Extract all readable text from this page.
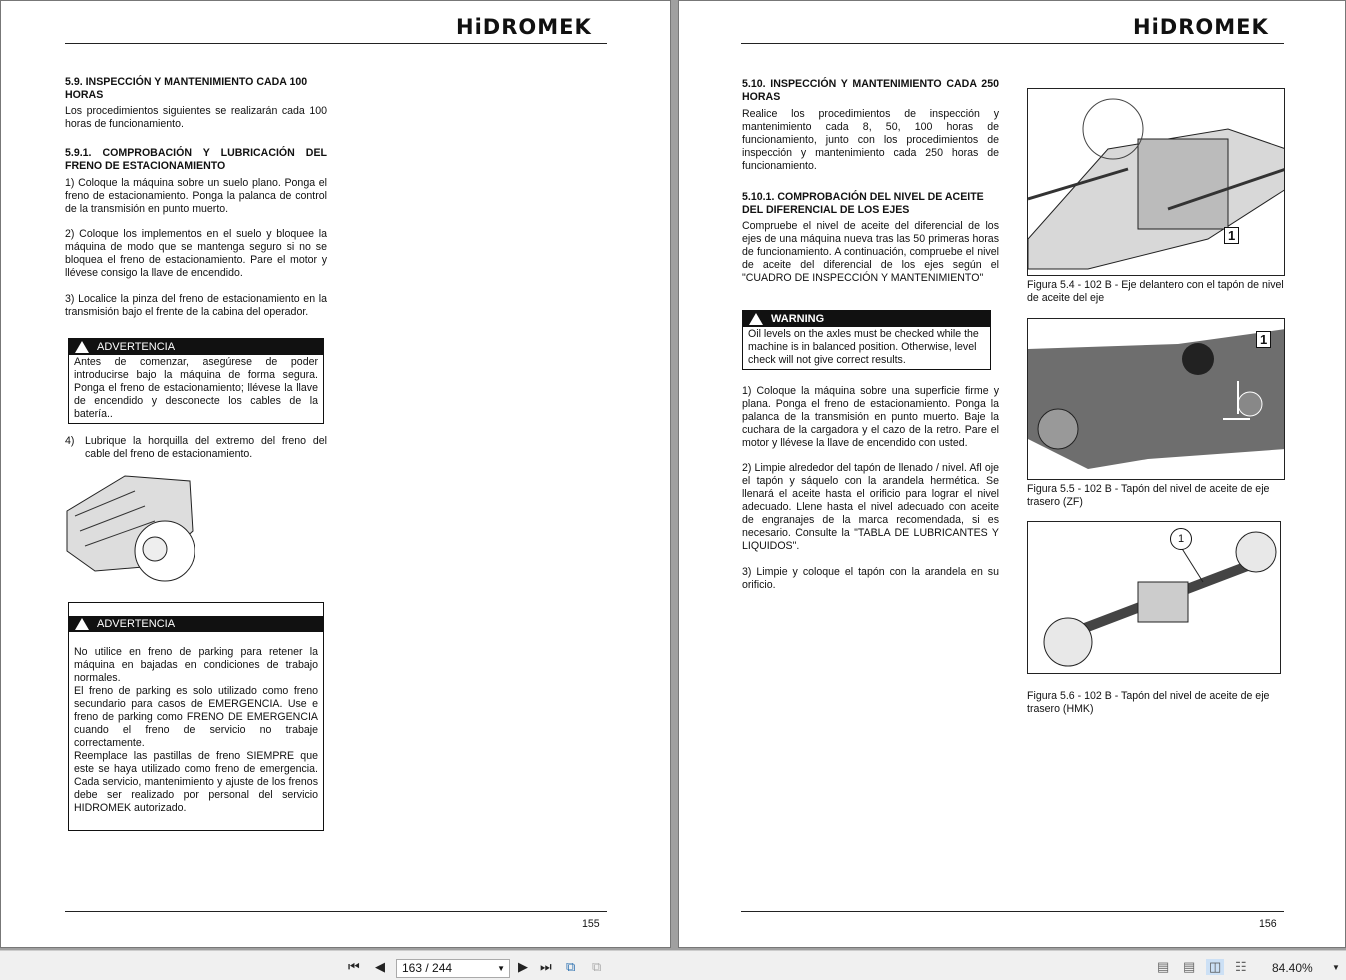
HiDROMEK
5.9. INSPECCIÓN Y MANTENIMIENTO CADA 100 HORAS
Los procedimientos siguientes se realizarán cada 100 horas de funcionamiento.
5.9.1. COMPROBACIÓN Y LUBRICACIÓN DEL FRENO DE ESTACIONAMIENTO
1) Coloque la máquina sobre un suelo plano. Ponga el freno de estacionamiento. Ponga la palanca de control de la transmisión en punto muerto.
2) Coloque los implementos en el suelo y bloquee la máquina de modo que se mantenga seguro si no se bloquea el freno de estacionamiento. Pare el motor y llévese consigo la llave de encendido.
3) Localice la pinza del freno de estacionamiento en la transmisión bajo el frente de la cabina del operador.
ADVERTENCIA
Antes de comenzar, asegúrese de poder introducirse bajo la máquina de forma segura. Ponga el freno de estacionamiento; llévese la llave de encendido y desconecte los cables de la batería..
4) Lubrique la horquilla del extremo del freno del cable del freno de estacionamiento.

ADVERTENCIA

No utilice en freno de parking para retener la máquina en bajadas en condiciones de trabajo normales.
El freno de parking es solo utilizado como freno secundario para casos de EMERGENCIA. Use e freno de parking como FRENO DE EMERGENCIA cuando el freno de servicio no trabaje correctamente.
Reemplace las pastillas de freno SIEMPRE que este se haya utilizado como freno de emergencia. Cada servicio, mantenimiento y ajuste de los frenos debe ser realizado por personal del servicio HIDROMEK autorizado.

155
HiDROMEK
5.10. INSPECCIÓN Y MANTENIMIENTO CADA 250 HORAS
Realice los procedimientos de inspección y mantenimiento cada 8, 50, 100 horas de funcionamiento, junto con los procedimientos de inspección y mantenimiento cada 250 horas de funcionamiento.
5.10.1. COMPROBACIÓN DEL NIVEL DE ACEITE DEL DIFERENCIAL DE LOS EJES
Compruebe el nivel de aceite del diferencial de los ejes de una máquina nueva tras las 50 primeras horas de funcionamiento. A continuación, compruebe el nivel de aceite del diferencial de los ejes según el "CUADRO DE INSPECCIÓN Y MANTENIMIENTO"
WARNING
Oil levels on the axles must be checked while the machine is in balanced position. Otherwise, level check will not give correct results.
1) Coloque la máquina sobre una superficie firme y plana. Ponga el freno de estacionamiento. Ponga la palanca de la transmisión en punto muerto. Baje la cuchara de la cargadora y el cazo de la retro. Pare el motor y llévese la llave de encendido con usted.
2) Limpie alrededor del tapón de llenado / nivel. Afl oje el tapón y sáquelo con la arandela hermética. Se llenará el aceite hasta el orificio para lograr el nivel adecuado. Llene hasta el nivel adecuado con aceite de engranajes de la marca recomendada, si es necesario. Consulte la "TABLA DE LUBRICANTES Y LIQUIDOS".
3) Limpie y coloque el tapón con la arandela en su orificio.
1
Figura 5.4 - 102 B - Eje delantero con el tapón de nivel de aceite del eje
1
Figura 5.5 - 102 B - Tapón del nivel de aceite de eje trasero (ZF)
1
Figura 5.6 - 102 B - Tapón del nivel de aceite de eje trasero (HMK)
156
⏮ ◀	▶ ⏭ ⧉ ⧉	▤ ▤ ◫ ☷ 84.40% ▼
163 / 244	▼
